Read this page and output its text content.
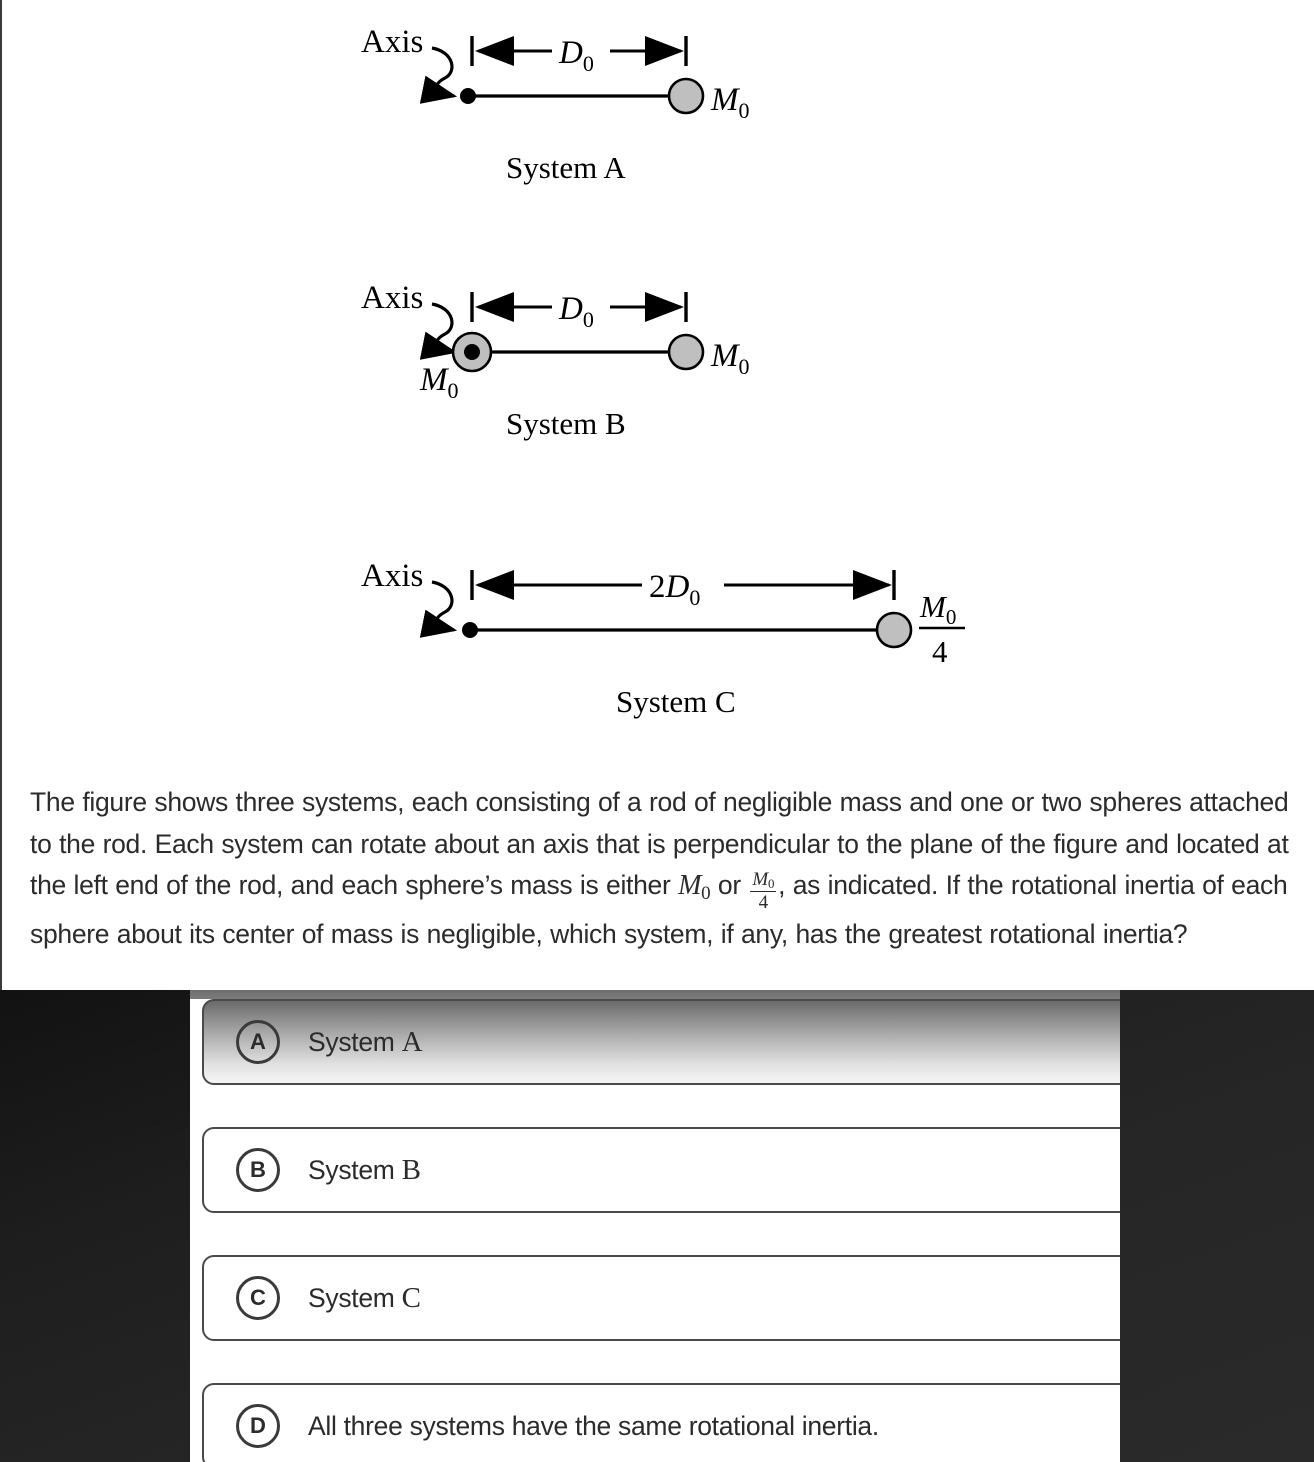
Axis	$D_0$
$M_0$
System A
Axis	$D_0$
$M_0$
$M_0$
System B
Axis	$2D_0$	$M_0$
4
System C
The figure shows three systems, each consisting of a rod of negligible mass and one or two spheres attached to the rod. Each system can rotate about an axis that is perpendicular to the plane of the figure and located at the left end of the rod, and each sphere’s mass is either $M_0$ or $\frac{M_0}{4}$ , as indicated. If the rotational inertia of each sphere about its center of mass is negligible, which system, if any, has the greatest rotational inertia?
A	System A
B	System B
C	System C
D	All three systems have the same rotational inertia.
